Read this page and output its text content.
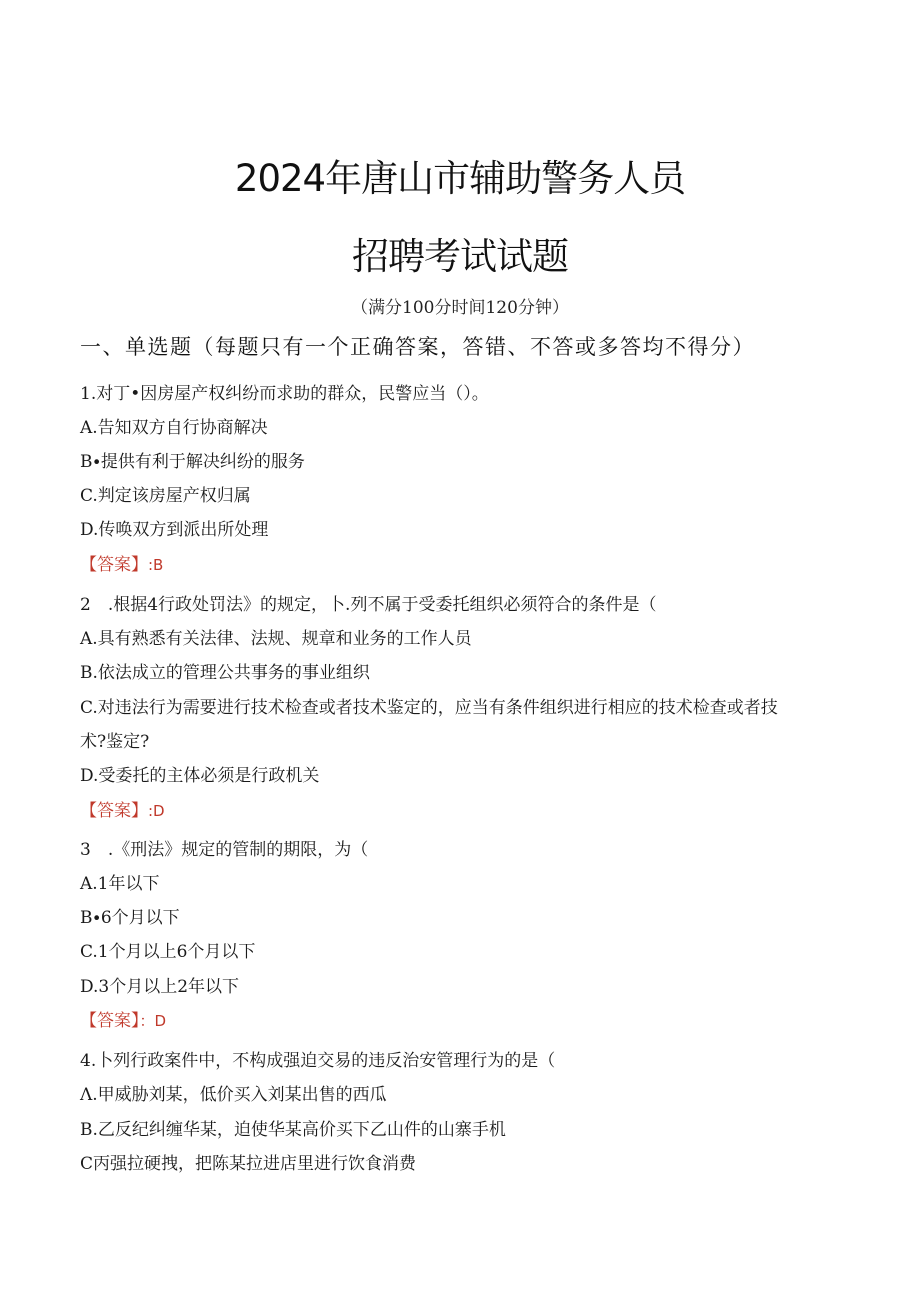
2024年唐山市辅助警务人员
招聘考试试题
（满分100分时间120分钟）
一、单选题（每题只有一个正确答案，答错、不答或多答均不得分）
1.对丁•因房屋产权纠纷而求助的群众，民警应当（）。
A.告知双方自行协商解决
B∙提供有利于解决纠纷的服务
C.判定该房屋产权归属
D.传唤双方到派出所处理
【答案】:B
2　.根据4行政处罚法》的规定，卜.列不属于受委托组织必须符合的条件是（
A.具有熟悉有关法律、法规、规章和业务的工作人员
B.依法成立的管理公共事务的事业组织
C.对违法行为需要进行技术检查或者技术鉴定的，应当有条件组织进行相应的技术检查或者技
术?鉴定?
D.受委托的主体必须是行政机关
【答案】:D
3　.《刑法》规定的管制的期限，为（
A.1年以下
B∙6个月以下
C.1个月以上6个月以下
D.3个月以上2年以下
【答案】：D
4.卜列行政案件中，不构成强迫交易的违反治安管理行为的是（
Λ.甲威胁刘某，低价买入刘某出售的西瓜
B.乙反纪纠缠华某，迫使华某高价买下乙山件的山寨手机
C丙强拉硬拽，把陈某拉进店里进行饮食消费
